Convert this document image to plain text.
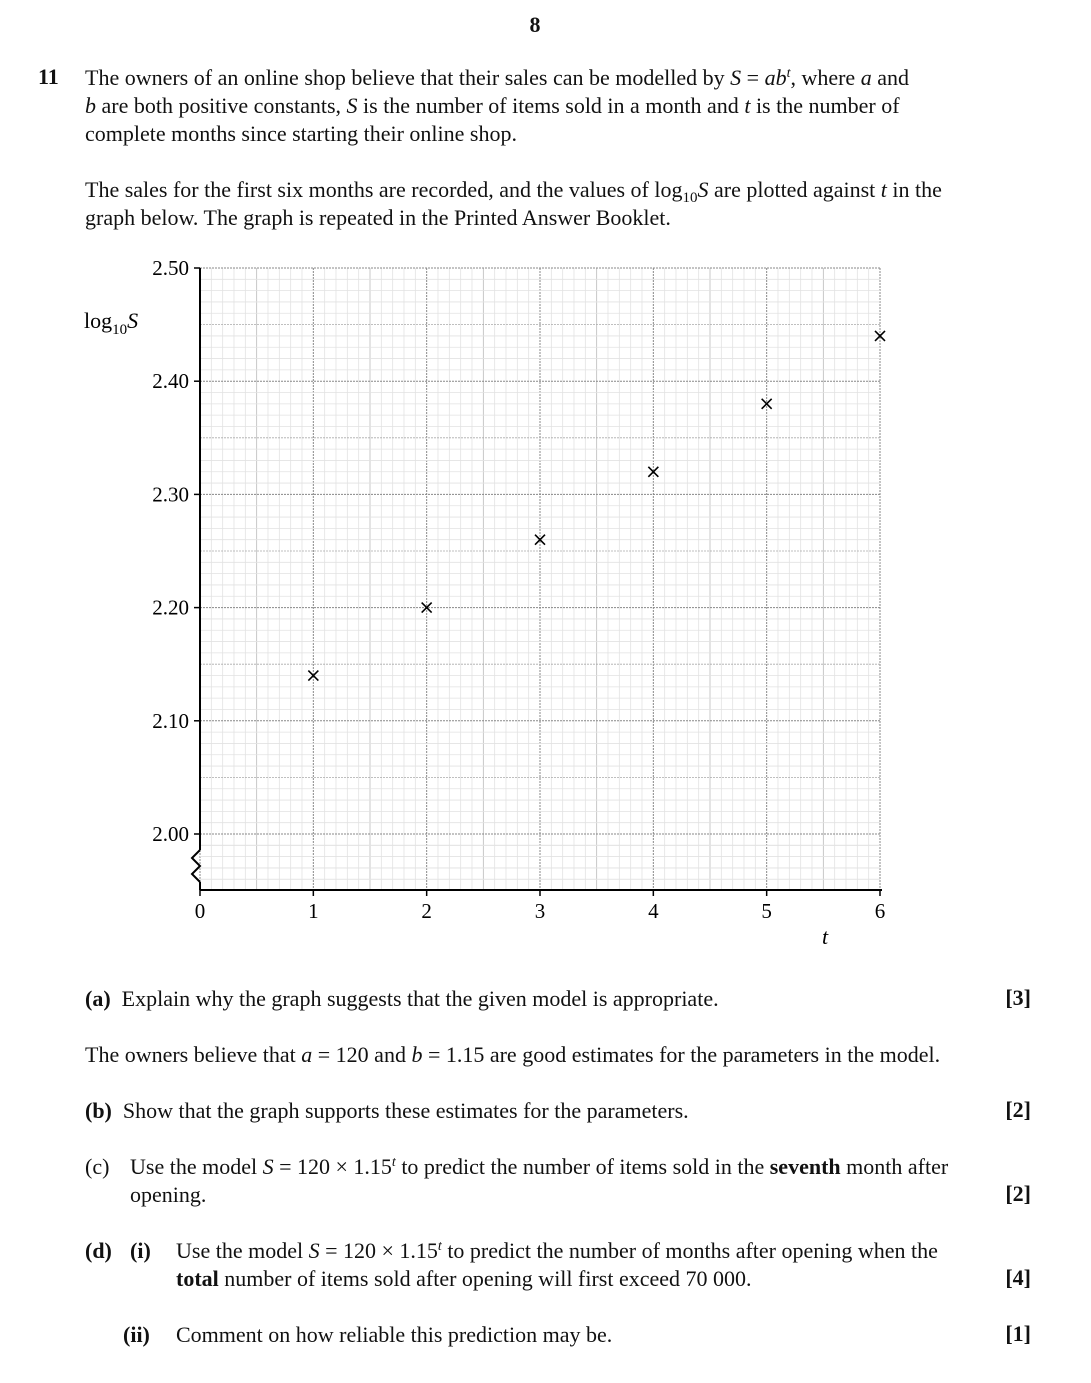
8
11 The owners of an online shop believe that their sales can be modelled by $S = ab^t$, where a and
b are both positive constants, S is the number of items sold in a month and t is the number of
complete months since starting their online shop.
The sales for the first six months are recorded, and the values of $\log_{10}S$ are plotted against t in the
graph below. The graph is repeated in the Printed Answer Booklet.
2.00
2.10
2.20
2.30
2.40
2.50
0	1	2	3	4	5	6
$\log_{10}S$
t
(a) Explain why the graph suggests that the given model is appropriate.	[3]
The owners believe that a = 120 and b = 1.15 are good estimates for the parameters in the model.
(b) Show that the graph supports these estimates for the parameters.	[2]
(c) Use the model $S = 120 \times 1.15^t$ to predict the number of items sold in the seventh month after
opening.	[2]
(d) (i) Use the model $S = 120 \times 1.15^t$ to predict the number of months after opening when the
total number of items sold after opening will first exceed 70 000.	[4]
(ii) Comment on how reliable this prediction may be.	[1]
